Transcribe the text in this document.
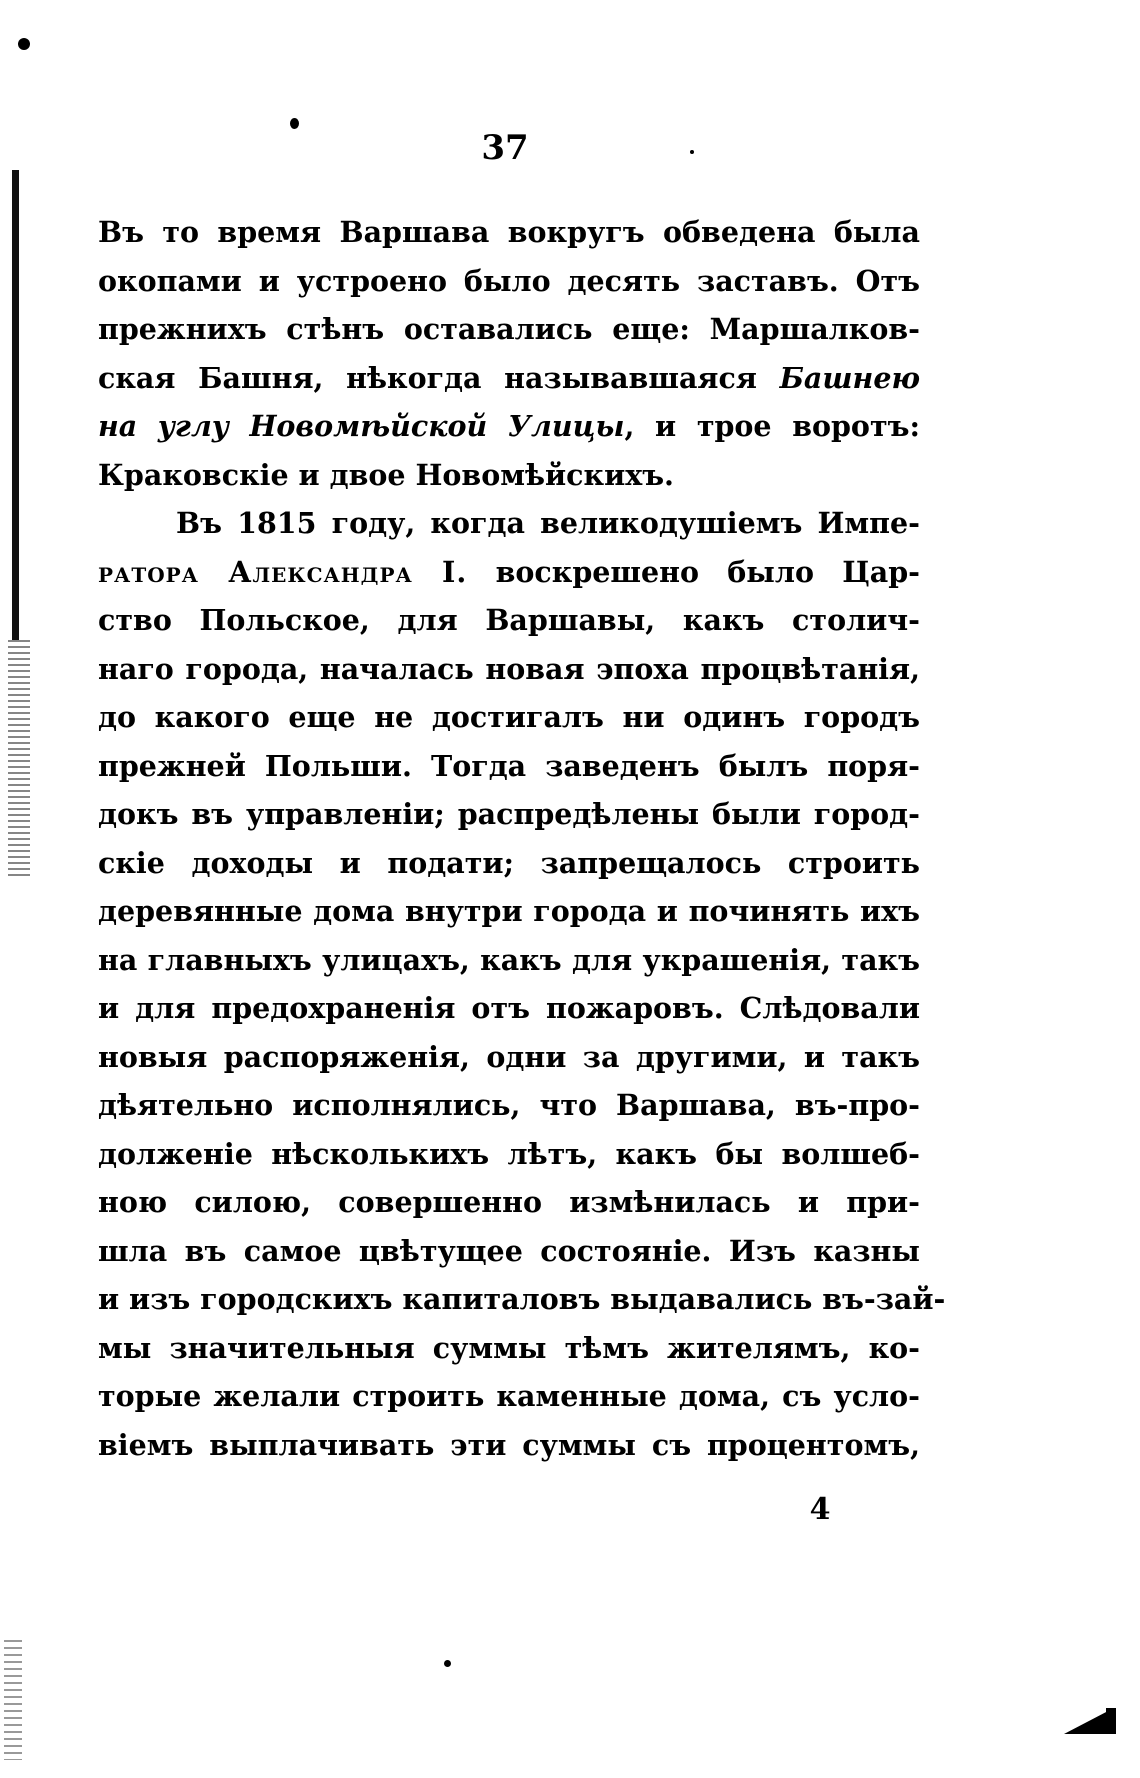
37
Въ то время Варшава вокругъ обведена была
окопами и устроено было десять заставъ. Отъ
прежнихъ стѣнъ оставались еще: Маршалков-
ская Башня, нѣкогда называвшаяся Башнею
на углу Новомѣйской Улицы, и трое воротъ:
Краковскіе и двое Новомѣйскихъ.
Въ 1815 году, когда великодушіемъ Импе-
ратора Александра I. воскрешено было Цар-
ство Польское, для Варшавы, какъ столич-
наго города, началась новая эпоха процвѣтанія,
до какого еще не достигалъ ни одинъ городъ
прежней Польши. Тогда заведенъ былъ поря-
докъ въ управленіи; распредѣлены были город-
скіе доходы и подати; запрещалось строить
деревянные дома внутри города и починять ихъ
на главныхъ улицахъ, какъ для украшенія, такъ
и для предохраненія отъ пожаровъ. Слѣдовали
новыя распоряженія, одни за другими, и такъ
дѣятельно исполнялись, что Варшава, въ-про-
долженіе нѣсколькихъ лѣтъ, какъ бы волшеб-
ною силою, совершенно измѣнилась и при-
шла въ самое цвѣтущее состояніе. Изъ казны
и изъ городскихъ капиталовъ выдавались въ-зай-
мы значительныя суммы тѣмъ жителямъ, ко-
торые желали строить каменные дома, съ усло-
віемъ выплачивать эти суммы съ процентомъ,
4
